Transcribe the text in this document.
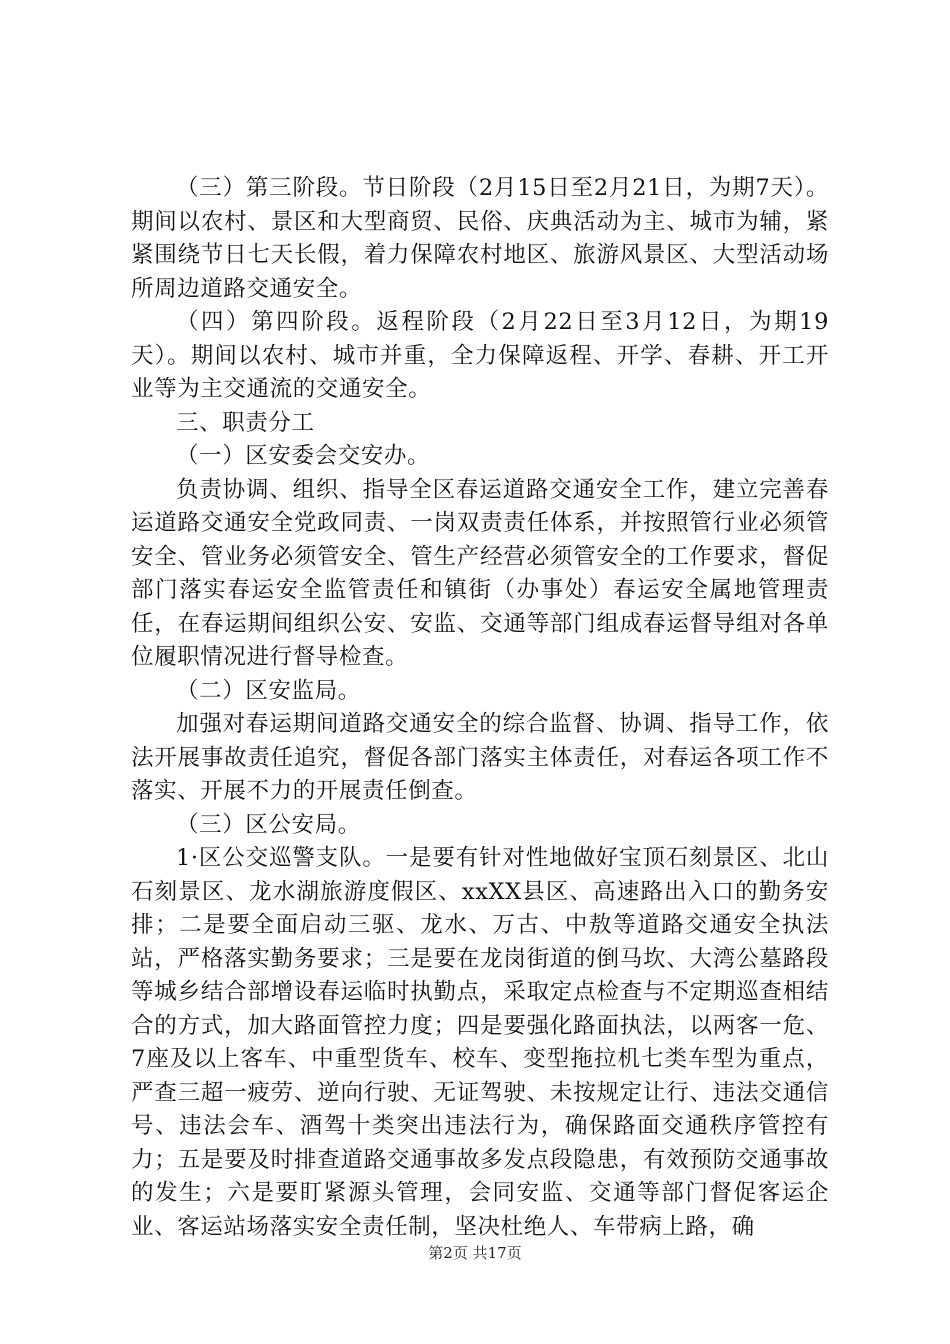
（三）第三阶段。节日阶段（2月15日至2月21日，为期7天）。期间以农村、景区和大型商贸、民俗、庆典活动为主、城市为辅，紧紧围绕节日七天长假，着力保障农村地区、旅游风景区、大型活动场所周边道路交通安全。

（四）第四阶段。返程阶段（2月22日至3月12日，为期19天）。期间以农村、城市并重，全力保障返程、开学、春耕、开工开业等为主交通流的交通安全。

三、职责分工

（一）区安委会交安办。

负责协调、组织、指导全区春运道路交通安全工作，建立完善春运道路交通安全党政同责、一岗双责责任体系，并按照管行业必须管安全、管业务必须管安全、管生产经营必须管安全的工作要求，督促部门落实春运安全监管责任和镇街（办事处）春运安全属地管理责任，在春运期间组织公安、安监、交通等部门组成春运督导组对各单位履职情况进行督导检查。

（二）区安监局。

加强对春运期间道路交通安全的综合监督、协调、指导工作，依法开展事故责任追究，督促各部门落实主体责任，对春运各项工作不落实、开展不力的开展责任倒查。

（三）区公安局。

1·区公交巡警支队。一是要有针对性地做好宝顶石刻景区、北山石刻景区、龙水湖旅游度假区、xxXX县区、高速路出入口的勤务安排；二是要全面启动三驱、龙水、万古、中敖等道路交通安全执法站，严格落实勤务要求；三是要在龙岗街道的倒马坎、大湾公墓路段等城乡结合部增设春运临时执勤点，采取定点检查与不定期巡查相结合的方式，加大路面管控力度；四是要强化路面执法，以两客一危、7座及以上客车、中重型货车、校车、变型拖拉机七类车型为重点，严查三超一疲劳、逆向行驶、无证驾驶、未按规定让行、违法交通信号、违法会车、酒驾十类突出违法行为，确保路面交通秩序管控有力；五是要及时排查道路交通事故多发点段隐患，有效预防交通事故的发生；六是要盯紧源头管理，会同安监、交通等部门督促客运企业、客运站场落实安全责任制，坚决杜绝人、车带病上路，确

第2页 共17页
